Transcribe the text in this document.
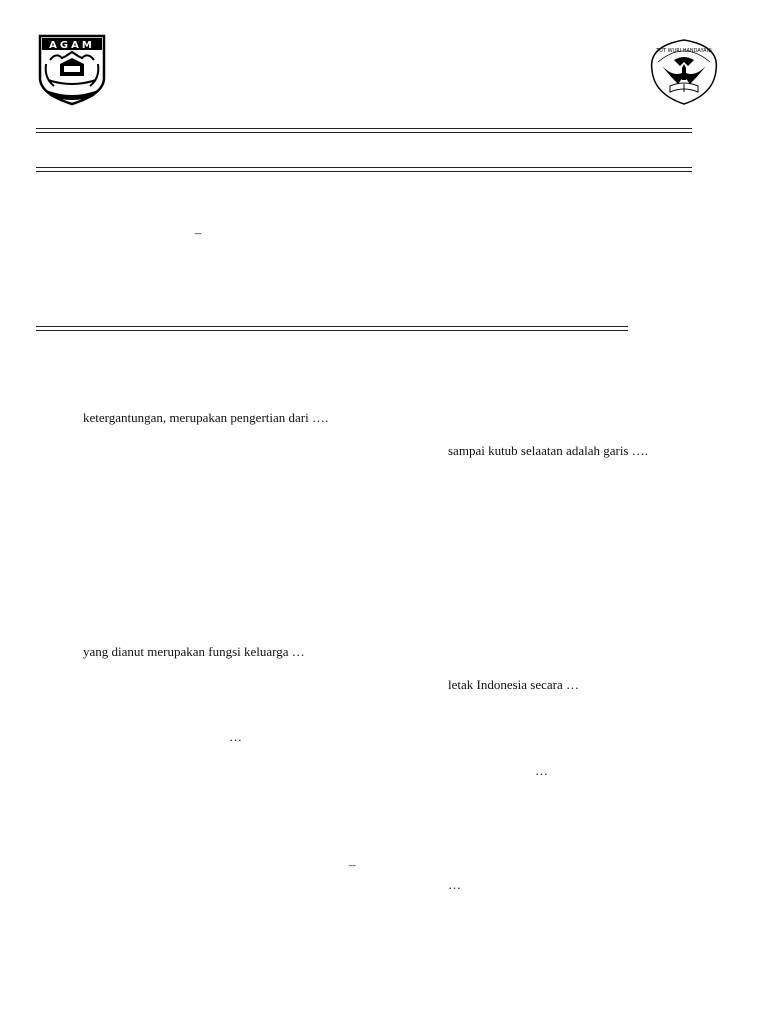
AGAM	TUT WURI HANDAYANI
–
ketergantungan, merupakan pengertian dari ….
yang dianut merupakan fungsi keluarga …
…
–
sampai kutub selaatan adalah garis ….
letak Indonesia secara …
…
…
